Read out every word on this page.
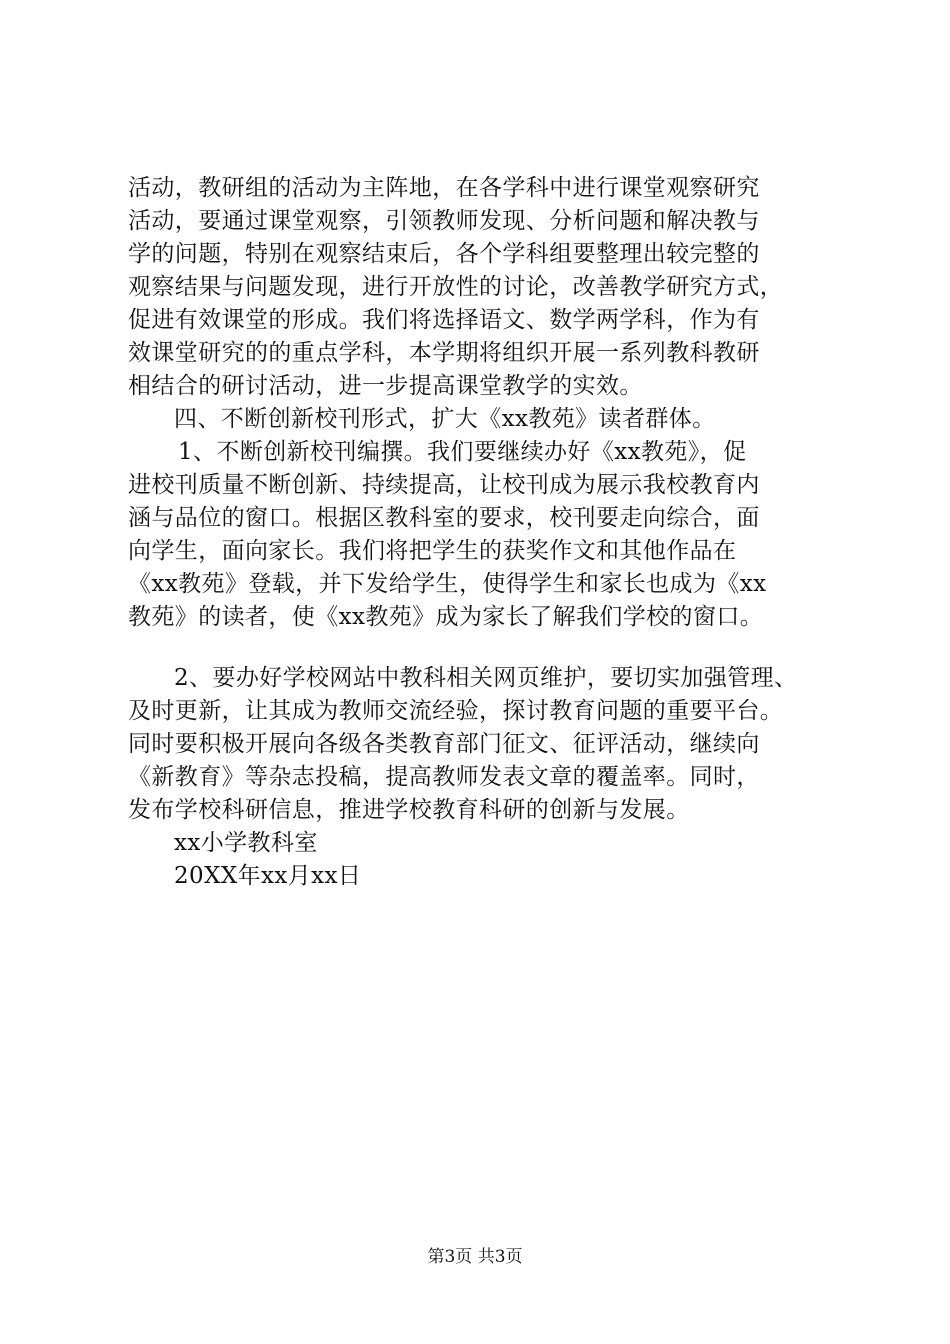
活动，教研组的活动为主阵地，在各学科中进行课堂观察研究
活动，要通过课堂观察，引领教师发现、分析问题和解决教与
学的问题，特别在观察结束后，各个学科组要整理出较完整的
观察结果与问题发现，进行开放性的讨论，改善教学研究方式，
促进有效课堂的形成。我们将选择语文、数学两学科，作为有
效课堂研究的的重点学科，本学期将组织开展一系列教科教研
相结合的研讨活动，进一步提高课堂教学的实效。
四、不断创新校刊形式，扩大《xx教苑》读者群体。
1、不断创新校刊编撰。我们要继续办好《xx教苑》，促
进校刊质量不断创新、持续提高，让校刊成为展示我校教育内
涵与品位的窗口。根据区教科室的要求，校刊要走向综合，面
向学生，面向家长。我们将把学生的获奖作文和其他作品在
《xx教苑》登载，并下发给学生，使得学生和家长也成为《xx
教苑》的读者，使《xx教苑》成为家长了解我们学校的窗口。
2、要办好学校网站中教科相关网页维护，要切实加强管理、
及时更新，让其成为教师交流经验，探讨教育问题的重要平台。
同时要积极开展向各级各类教育部门征文、征评活动，继续向
《新教育》等杂志投稿，提高教师发表文章的覆盖率。同时，
发布学校科研信息，推进学校教育科研的创新与发展。
xx小学教科室
20XX年xx月xx日
第3页 共3页
